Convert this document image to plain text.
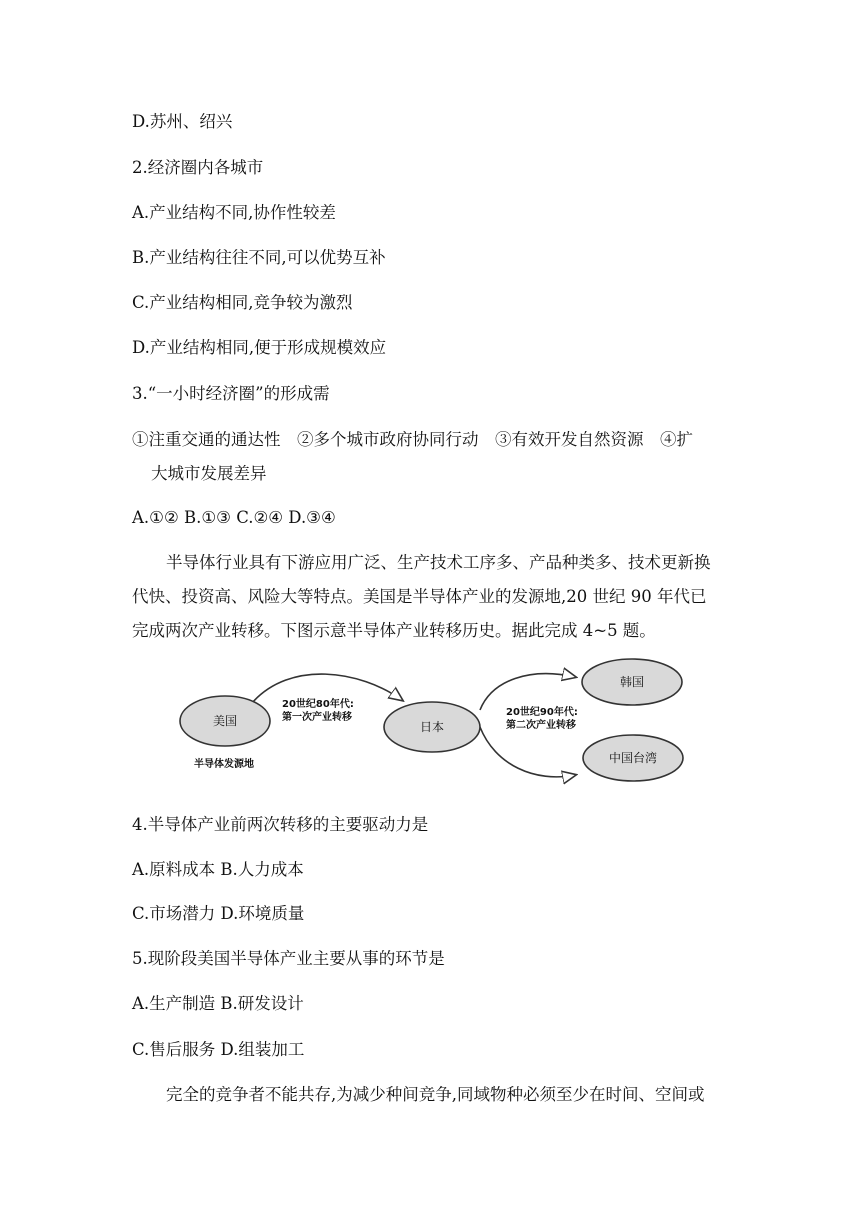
D.苏州、绍兴

2.经济圈内各城市

A.产业结构不同,协作性较差

B.产业结构往往不同,可以优势互补

C.产业结构相同,竞争较为激烈

D.产业结构相同,便于形成规模效应

3.“一小时经济圈”的形成需

①注重交通的通达性　②多个城市政府协同行动　③有效开发自然资源　④扩

大城市发展差异

A.①② B.①③ C.②④ D.③④

半导体行业具有下游应用广泛、生产技术工序多、产品种类多、技术更新换

代快、投资高、风险大等特点。美国是半导体产业的发源地,20 世纪 90 年代已

完成两次产业转移。下图示意半导体产业转移历史。据此完成 4~5 题。

美国	日本
韩国
中国台湾
半导体发源地
20世纪80年代:
第一次产业转移	20世纪90年代:
第二次产业转移

4.半导体产业前两次转移的主要驱动力是

A.原料成本 B.人力成本

C.市场潜力 D.环境质量

5.现阶段美国半导体产业主要从事的环节是

A.生产制造 B.研发设计

C.售后服务 D.组装加工

完全的竞争者不能共存,为减少种间竞争,同域物种必须至少在时间、空间或
